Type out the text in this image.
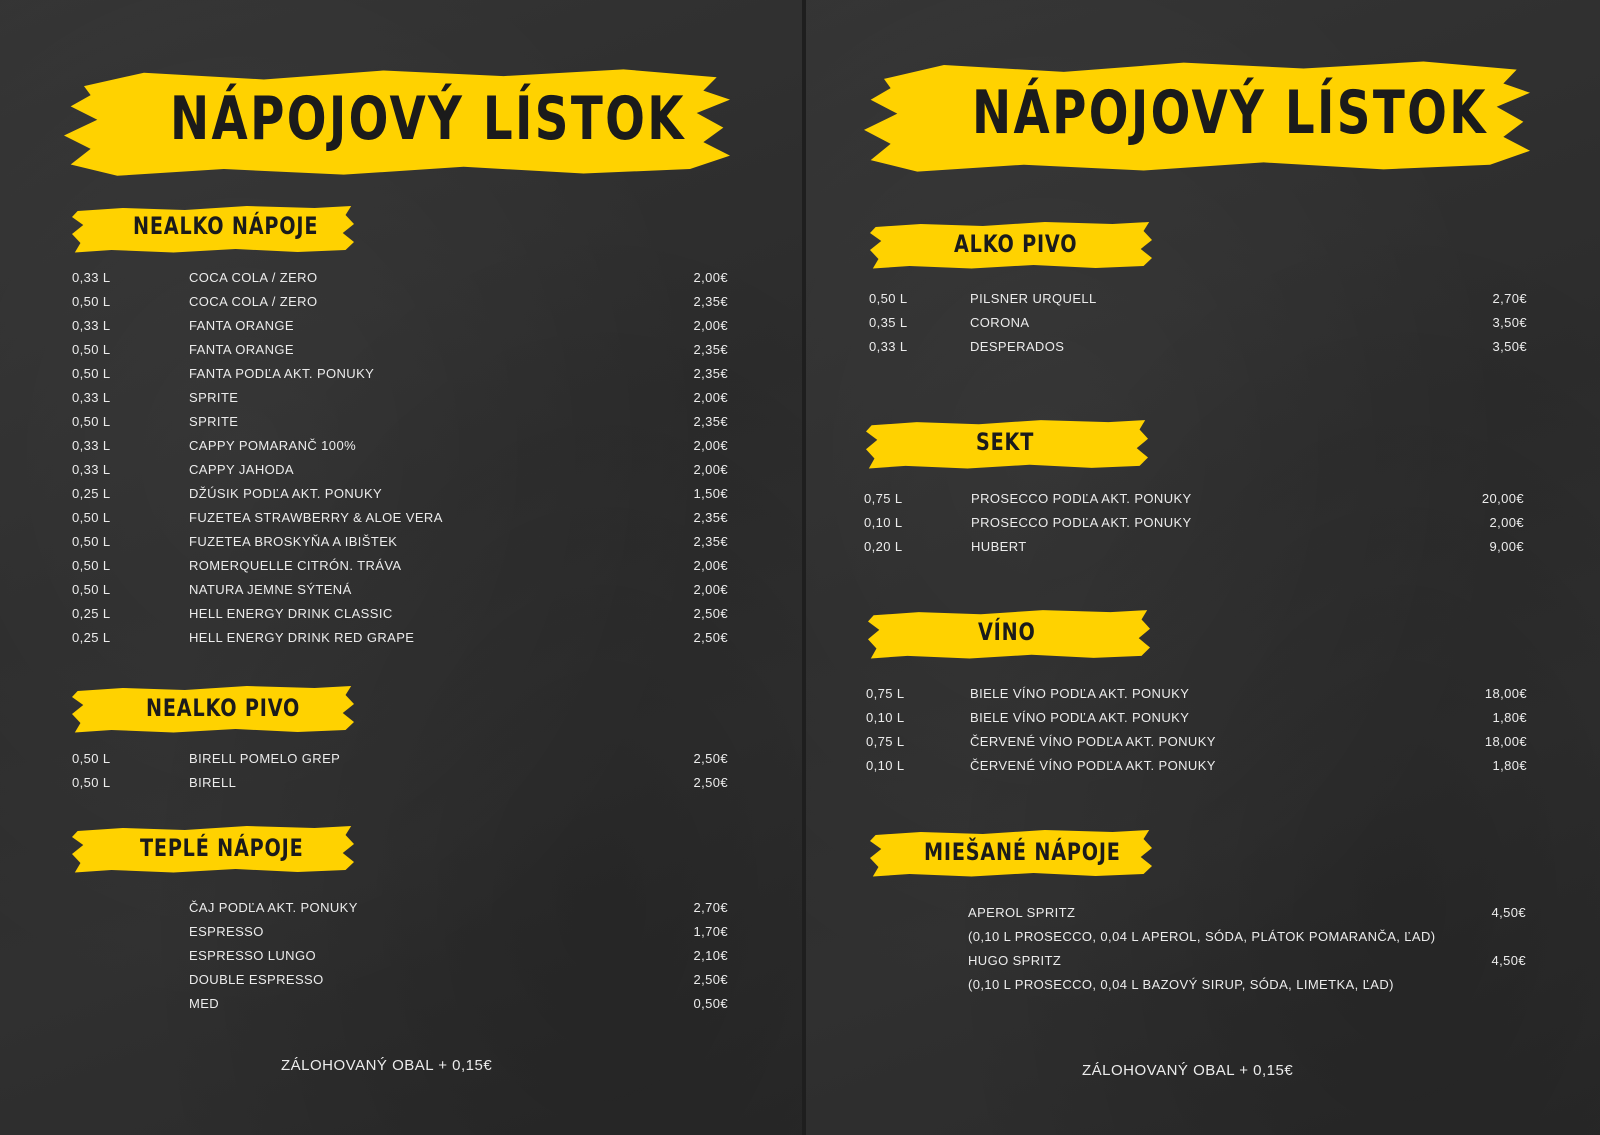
NÁPOJOVÝ LÍSTOK
NEALKO NÁPOJE
0,33 L	COCA COLA / ZERO	2,00€
0,50 L	COCA COLA / ZERO	2,35€
0,33 L	FANTA ORANGE	2,00€
0,50 L	FANTA ORANGE	2,35€
0,50 L	FANTA PODĽA AKT. PONUKY	2,35€
0,33 L	SPRITE	2,00€
0,50 L	SPRITE	2,35€
0,33 L	CAPPY POMARANČ 100%	2,00€
0,33 L	CAPPY JAHODA	2,00€
0,25 L	DŽÚSIK PODĽA AKT. PONUKY	1,50€
0,50 L	FUZETEA STRAWBERRY & ALOE VERA	2,35€
0,50 L	FUZETEA BROSKYŇA A IBIŠTEK	2,35€
0,50 L	ROMERQUELLE CITRÓN. TRÁVA	2,00€
0,50 L	NATURA JEMNE SÝTENÁ	2,00€
0,25 L	HELL ENERGY DRINK CLASSIC	2,50€
0,25 L	HELL ENERGY DRINK RED GRAPE	2,50€
NEALKO PIVO
0,50 L	BIRELL POMELO GREP	2,50€
0,50 L	BIRELL	2,50€
TEPLÉ NÁPOJE
ČAJ PODĽA AKT. PONUKY	2,70€
ESPRESSO	1,70€
ESPRESSO LUNGO	2,10€
DOUBLE ESPRESSO	2,50€
MED	0,50€
ZÁLOHOVANÝ OBAL + 0,15€
NÁPOJOVÝ LÍSTOK
ALKO PIVO
0,50 L	PILSNER URQUELL	2,70€
0,35 L	CORONA	3,50€
0,33 L	DESPERADOS	3,50€
SEKT
0,75 L	PROSECCO PODĽA AKT. PONUKY	20,00€
0,10 L	PROSECCO PODĽA AKT. PONUKY	2,00€
0,20 L	HUBERT	9,00€
VÍNO
0,75 L	BIELE VÍNO PODĽA AKT. PONUKY	18,00€
0,10 L	BIELE VÍNO PODĽA AKT. PONUKY	1,80€
0,75 L	ČERVENÉ VÍNO PODĽA AKT. PONUKY	18,00€
0,10 L	ČERVENÉ VÍNO PODĽA AKT. PONUKY	1,80€
MIEŠANÉ NÁPOJE
APEROL SPRITZ	4,50€
(0,10 L PROSECCO, 0,04 L APEROL, SÓDA, PLÁTOK POMARANČA, ĽAD)
HUGO SPRITZ	4,50€
(0,10 L PROSECCO, 0,04 L BAZOVÝ SIRUP, SÓDA, LIMETKA, ĽAD)
ZÁLOHOVANÝ OBAL + 0,15€
